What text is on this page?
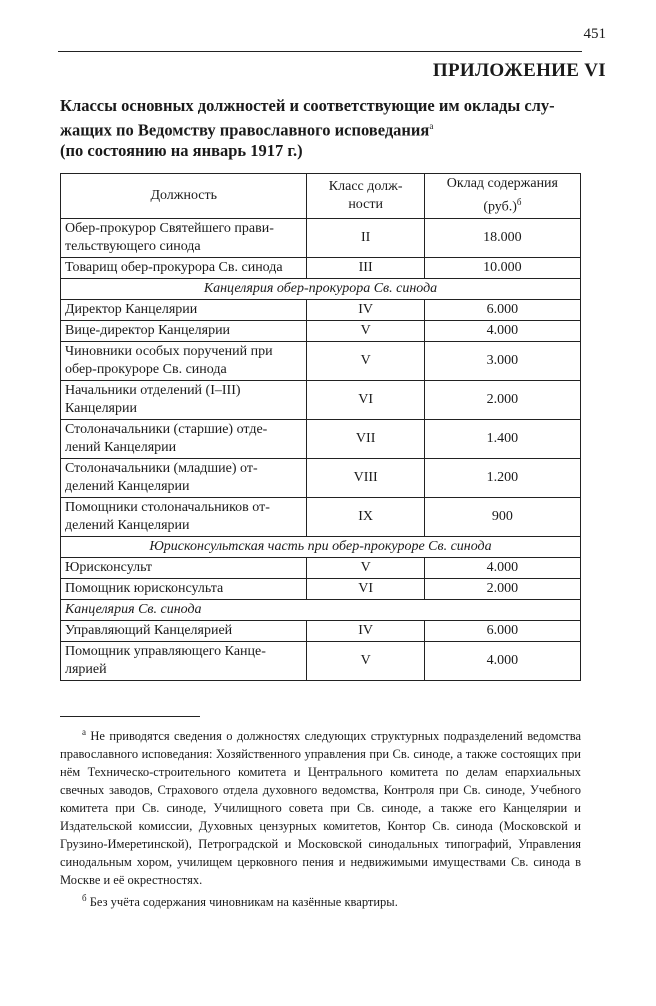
451
ПРИЛОЖЕНИЕ VI
Классы основных должностей и соответствующие им оклады слу-
жащих по Ведомству православного исповедания$^а$
(по состоянию на январь 1917 г.)
Должность	Класс долж-ности	Оклад содержания (руб.)$^б$
Обер-прокурор Святейшего прави-тельствующего синода	II	18.000
Товарищ обер-прокурора Св. синода	III	10.000
Канцелярия обер-прокурора Св. синода		
Директор Канцелярии	IV	6.000
Вице-директор Канцелярии	V	4.000
Чиновники особых поручений при обер-прокуроре Св. синода	V	3.000
Начальники отделений (I–III) Канцелярии	VI	2.000
Столоначальники (старшие) отде-лений Канцелярии	VII	1.400
Столоначальники (младшие) от-делений Канцелярии	VIII	1.200
Помощники столоначальников от-делений Канцелярии	IX	900
Юрисконсультская часть при обер-прокуроре Св. синода		
Юрисконсульт	V	4.000
Помощник юрисконсульта	VI	2.000
Канцелярия Св. синода		
Управляющий Канцелярией	IV	6.000
Помощник управляющего Канце-лярией	V	4.000

$^а$ Не приводятся сведения о должностях следующих структурных подразделений ведомства православного исповедания: Хозяйственного управления при Св. синоде, а также состоящих при нём Техническо-строительного комитета и Центрального комитета по делам епархиальных свечных заводов, Страхового отдела духовного ведомства, Контроля при Св. синоде, Учебного комитета при Св. синоде, Училищного совета при Св. синоде, а также его Канцелярии и Издательской комиссии, Духовных цензурных комитетов, Контор Св. синода (Московской и Грузино-Имеретинской), Петроградской и Московской синодальных типографий, Управления синодальным хором, училищем церковного пения и недвижимыми имуществами Св. синода в Москве и её окрестностях.

$^б$ Без учёта содержания чиновникам на казённые квартиры.
